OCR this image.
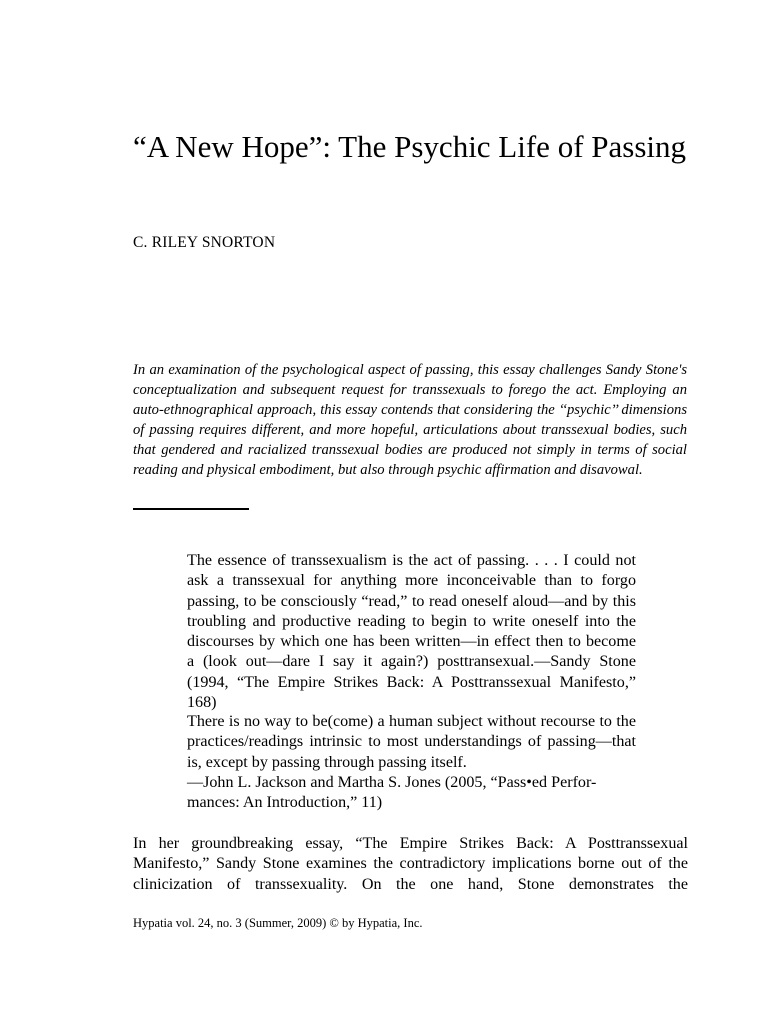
“A New Hope”: The Psychic Life of Passing
C. RILEY SNORTON

In an examination of the psychological aspect of passing, this essay challenges Sandy Stone's conceptualization and subsequent request for transsexuals to forego the act. Employing an auto-ethnographical approach, this essay contends that considering the ‘‘psychic’’ dimensions of passing requires different, and more hopeful, articulations about transsexual bodies, such that gendered and racialized transsexual bodies are produced not simply in terms of social reading and physical embodiment, but also through psychic affirmation and disavowal.

The essence of transsexualism is the act of passing. . . . I could not ask a transsexual for anything more inconceivable than to forgo passing, to be consciously “read,” to read oneself aloud—and by this troubling and productive reading to begin to write oneself into the discourses by which one has been written—in effect then to become a (look out—dare I say it again?) posttransexual.—Sandy Stone (1994, “The Empire Strikes Back: A Posttranssexual Manifesto,” 168)

There is no way to be(come) a human subject without recourse to the practices/readings intrinsic to most understandings of passing—that is, except by passing through passing itself.
—John L. Jackson and Martha S. Jones (2005, “Pass•ed Perfor-mances: An Introduction,” 11)

In her groundbreaking essay, “The Empire Strikes Back: A Posttranssexual Manifesto,” Sandy Stone examines the contradictory implications borne out of the clinicization of transsexuality. On the one hand, Stone demonstrates the

Hypatia vol. 24, no. 3 (Summer, 2009) © by Hypatia, Inc.
